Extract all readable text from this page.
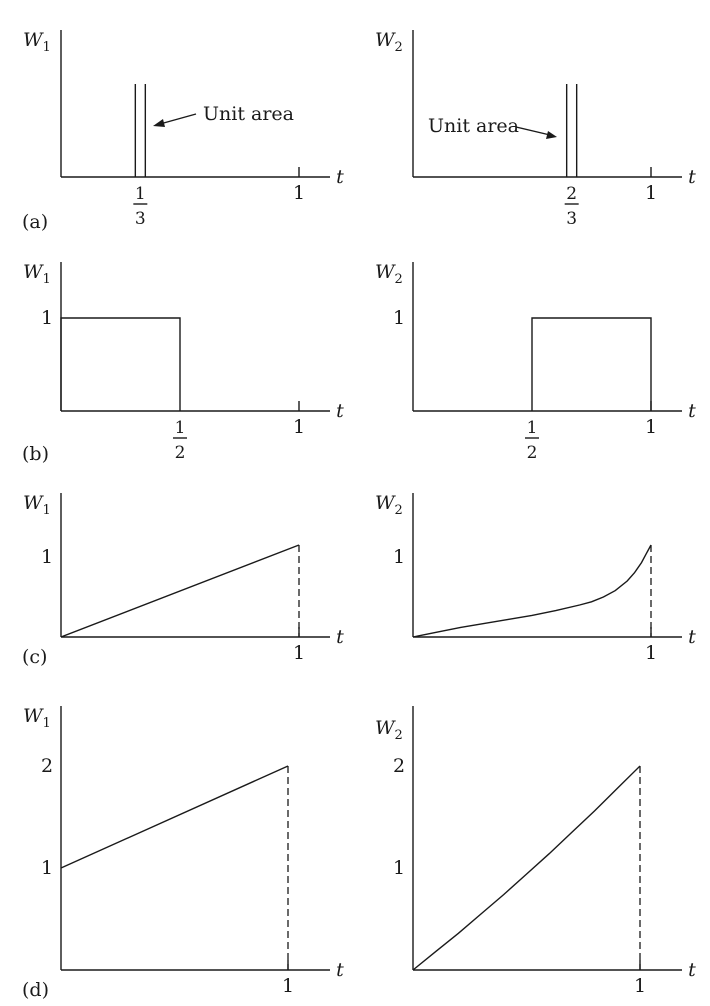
$W_1$
t
1
3
1
Unit area
(a)
$W_2$
t
2
3
1
Unit area
$W_1$
t
1
2
1
1
(b)
$W_2$
t
1
2
1
1
$W_1$
t
1
1
(c)
$W_2$
t
1
1
$W_1$
t
1
1
2
(d)
$W_2$
t
1
1
2
